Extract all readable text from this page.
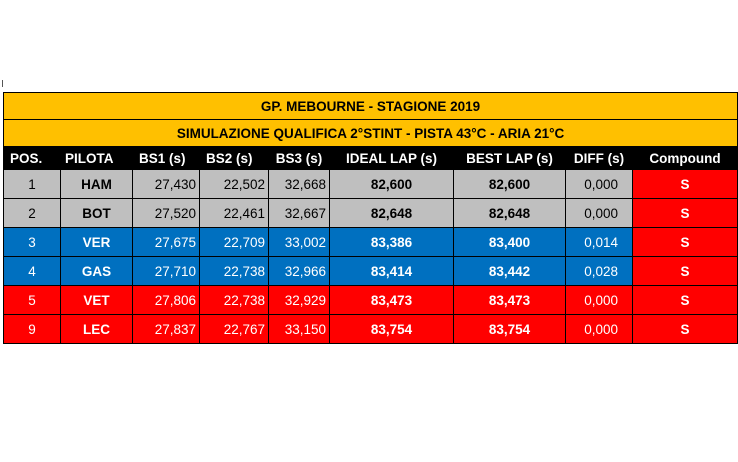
GP. MEBOURNE - STAGIONE 2019								
SIMULAZIONE QUALIFICA 2°STINT - PISTA 43°C - ARIA 21°C								
POS.	PILOTA	BS1 (s)	BS2 (s)	BS3 (s)	IDEAL LAP (s)	BEST LAP (s)	DIFF (s)	Compound
1	HAM	27,430	22,502	32,668	82,600	82,600	0,000	S
2	BOT	27,520	22,461	32,667	82,648	82,648	0,000	S
3	VER	27,675	22,709	33,002	83,386	83,400	0,014	S
4	GAS	27,710	22,738	32,966	83,414	83,442	0,028	S
5	VET	27,806	22,738	32,929	83,473	83,473	0,000	S
9	LEC	27,837	22,767	33,150	83,754	83,754	0,000	S
